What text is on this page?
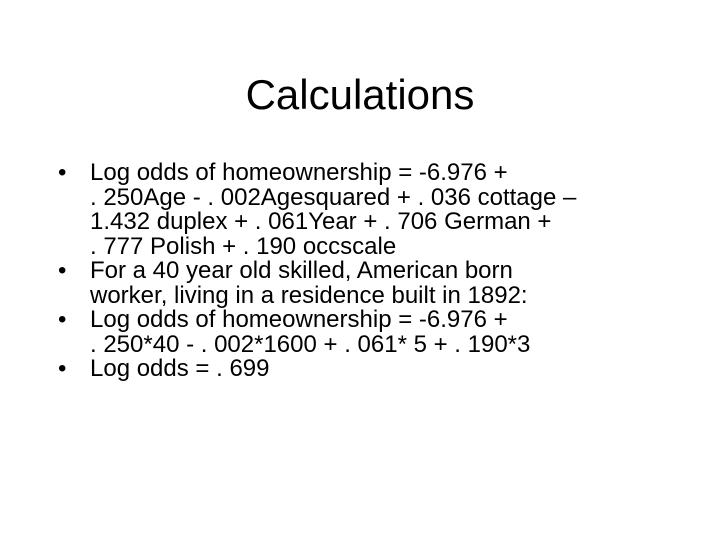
Calculations
• Log odds of homeownership = -6.976 +
. 250Age - . 002Agesquared + . 036 cottage –
1.432 duplex + . 061Year + . 706 German +
. 777 Polish + . 190 occscale
• For a 40 year old skilled, American born
worker, living in a residence built in 1892:
• Log odds of homeownership = -6.976 +
. 250*40 - . 002*1600 + . 061* 5 + . 190*3
• Log odds = . 699
